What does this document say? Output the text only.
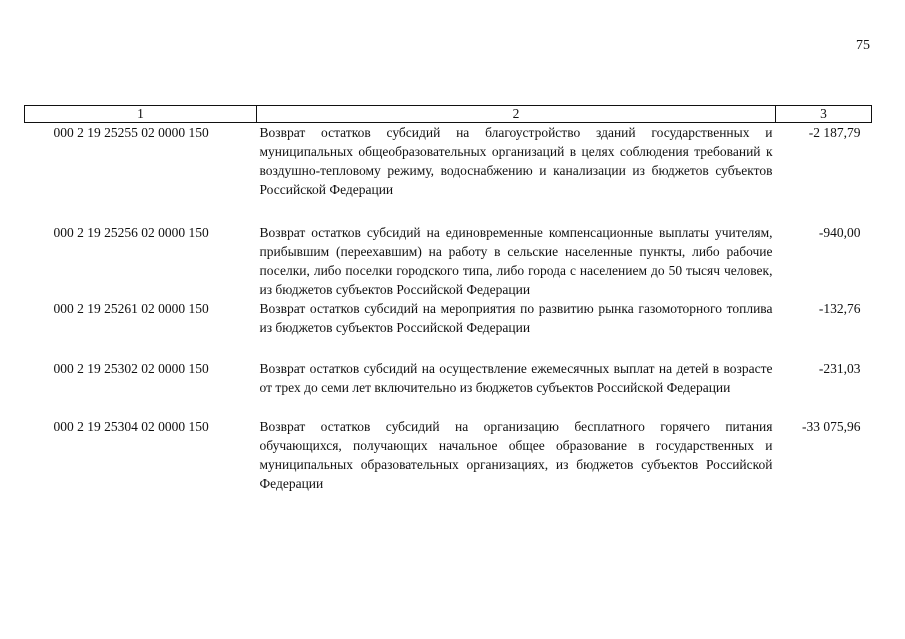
75
1	2	3
000 2 19 25255 02 0000 150	Возврат остатков субсидий на благоустройство зданий государственных и муниципальных общеобразовательных организаций в целях соблюдения требований к воздушно-тепловому режиму, водоснабжению и канализации из бюджетов субъектов Российской Федерации	-2 187,79
000 2 19 25256 02 0000 150	Возврат остатков субсидий на единовременные компенсационные выплаты учителям, прибывшим (переехавшим) на работу в сельские населенные пункты, либо рабочие поселки, либо поселки городского типа, либо города с населением до 50 тысяч человек, из бюджетов субъектов Российской Федерации	-940,00
000 2 19 25261 02 0000 150	Возврат остатков субсидий на мероприятия по развитию рынка газомоторного топлива из бюджетов субъектов Российской Федерации	-132,76
000 2 19 25302 02 0000 150	Возврат остатков субсидий на осуществление ежемесячных выплат на детей в возрасте от трех до семи лет включительно из бюджетов субъектов Российской Федерации	-231,03
000 2 19 25304 02 0000 150	Возврат остатков субсидий на организацию бесплатного горячего питания обучающихся, получающих начальное общее образование в государственных и муниципальных образовательных организациях, из бюджетов субъектов Российской Федерации	-33 075,96
